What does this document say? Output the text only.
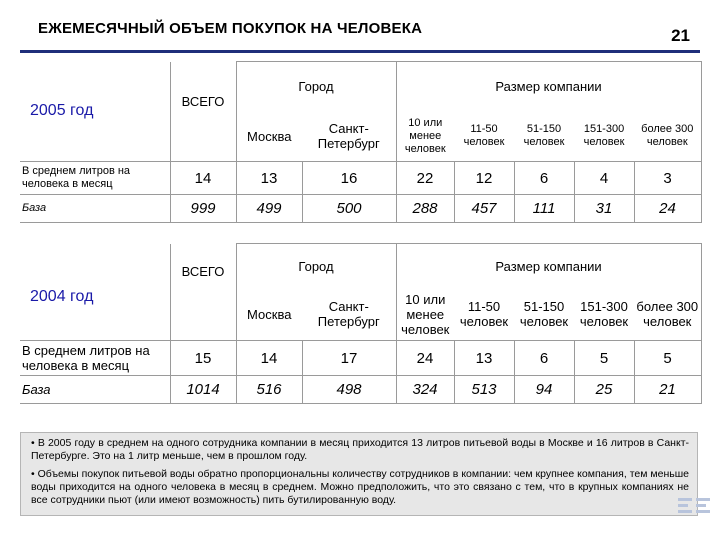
ЕЖЕМЕСЯЧНЫЙ ОБЪЕМ ПОКУПОК НА ЧЕЛОВЕКА	21
2005 год	ВСЕГО	Город		Размер компании				
		Москва	Санкт-Петербург	10 или менее человек	11-50 человек	51-150 человек	151-300 человек	более 300 человек
В среднем литров на человека в месяц	14	13	16	22	12	6	4	3
База	999	499	500	288	457	111	31	24
2004 год	ВСЕГО	Город		Размер компании				
		Москва	Санкт-Петербург	10 или менее человек	11-50 человек	51-150 человек	151-300 человек	более 300 человек
В среднем литров на человека в месяц	15	14	17	24	13	6	5	5
База	1014	516	498	324	513	94	25	21
• В 2005 году в среднем на одного сотрудника компании в месяц приходится 13 литров питьевой воды в Москве и 16 литров в Санкт-Петербурге. Это на 1 литр меньше, чем в прошлом году.
• Объемы покупок питьевой воды обратно пропорциональны количеству сотрудников в компании: чем крупнее компания, тем меньше воды приходится на одного человека в месяц в среднем. Можно предположить, что это связано с тем, что в крупных компаниях не все сотрудники пьют (или имеют возможность) пить бутилированную воду.
